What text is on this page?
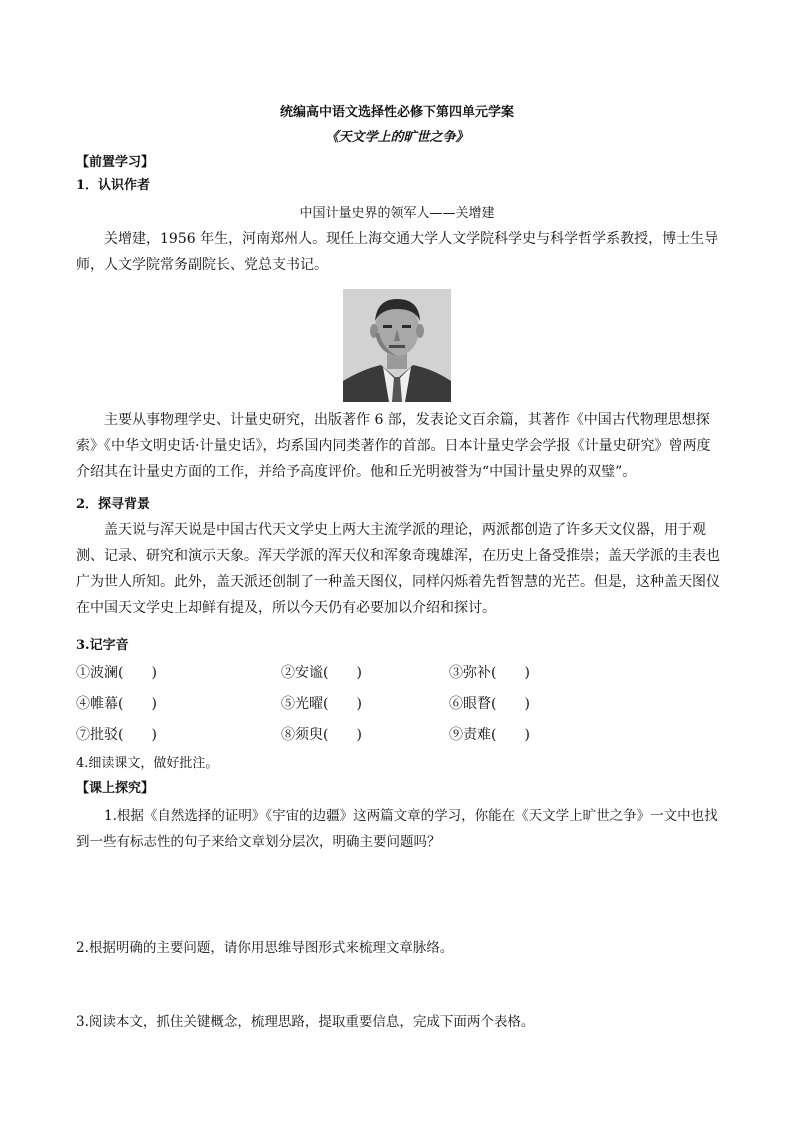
统编高中语文选择性必修下第四单元学案
《天文学上的旷世之争》
【前置学习】
1．认识作者
中国计量史界的领军人——关增建

关增建，1956 年生，河南郑州人。现任上海交通大学人文学院科学史与科学哲学系教授，博士生导师，人文学院常务副院长、党总支书记。

主要从事物理学史、计量史研究，出版著作 6 部，发表论文百余篇，其著作《中国古代物理思想探索》《中华文明史话·计量史话》，均系国内同类著作的首部。日本计量史学会学报《计量史研究》曾两度介绍其在计量史方面的工作，并给予高度评价。他和丘光明被誉为“中国计量史界的双璧”。

2．探寻背景

盖天说与浑天说是中国古代天文学史上两大主流学派的理论，两派都创造了许多天文仪器，用于观测、记录、研究和演示天象。浑天学派的浑天仪和浑象奇瑰雄浑，在历史上备受推崇；盖天学派的圭表也广为世人所知。此外，盖天派还创制了一种盖天图仪，同样闪烁着先哲智慧的光芒。但是，这种盖天图仪在中国天文学史上却鲜有提及，所以今天仍有必要加以介绍和探讨。

3.记字音
①波澜(　　)	②安谧(　　)	③弥补(　　)
④帷幕(　　)	⑤光曜(　　)	⑥眼瞀(　　)
⑦批驳(　　)	⑧须臾(　　)	⑨责难(　　)
4.细读课文，做好批注。
【课上探究】

1.根据《自然选择的证明》《宇宙的边疆》这两篇文章的学习，你能在《天文学上旷世之争》一文中也找到一些有标志性的句子来给文章划分层次，明确主要问题吗？

2.根据明确的主要问题，请你用思维导图形式来梳理文章脉络。
3.阅读本文，抓住关键概念，梳理思路，提取重要信息，完成下面两个表格。
